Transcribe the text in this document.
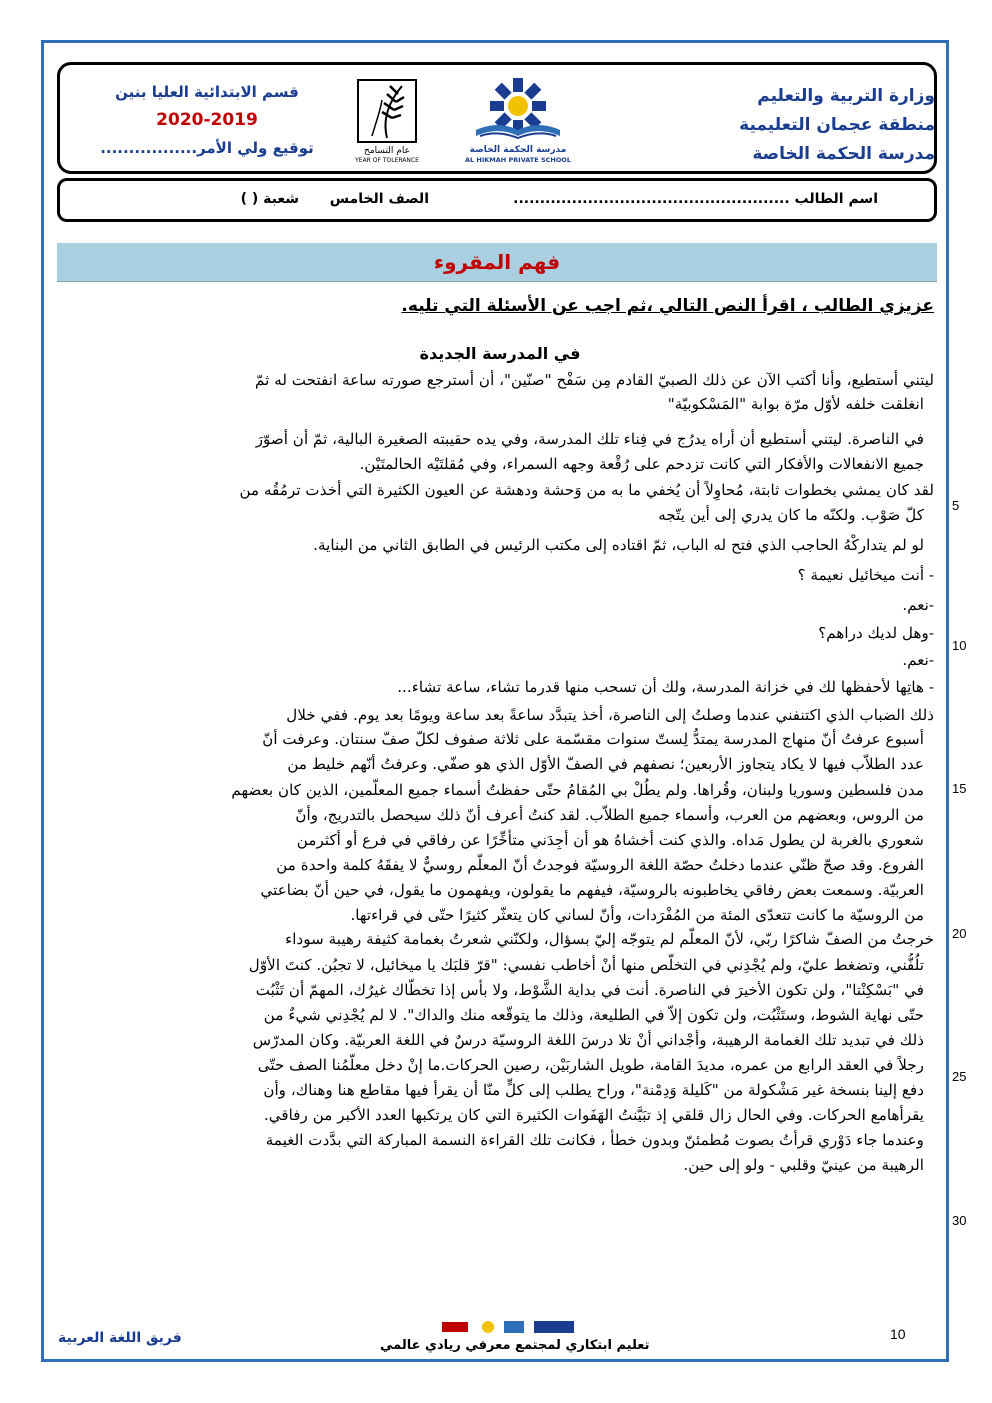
وزارة التربية والتعليم
منطقة عجمان التعليمية
مدرسة الحكمة الخاصة
قسم الابتدائية العليا بنين
2020-2019
توقيع ولي الأمر.................	عام التسامح
YEAR OF TOLERANCE
مدرسة الحكمة الخاصة
AL HIKMAH PRIVATE SCHOOL
اسم الطالب ....................................................
الصف الخامس
شعبة ( )
فهم المقروء
عزيزي الطالب ، اقرأ النص التالي ،ثم اجب عن الأسئلة التي تليه.
في المدرسة الجديدة
ليتني أستطيع، وأنا أكتب الآن عن ذلك الصبيّ القادم مِن سَفْح "صنّين"، أن أسترجع صورته ساعة انفتحت له ثمّ
انغلقت خلفه لأوّل مرّة بوابة "المَسْكوبيّة"
في الناصرة. ليتني أستطيع أن أراه يدرُج في فِناء تلك المدرسة، وفي يده حقيبته الصغيرة البالية، ثمّ أن أصوّرَ
جميع الانفعالات والأفكار التي كانت تزدحم على رُقْعة وجهه السمراء، وفي مُقلتَيْه الحالمتَيْن.
لقد كان يمشي بخطوات ثابتة، مُحاوِلاً أن يُخفي ما به من وَحشة ودهشة عن العيون الكثيرة التي أخذت ترمُقُه من
كلّ صَوْب. ولكنّه ما كان يدري إلى أين يتّجه
لو لم يتداركْهُ الحاجب الذي فتح له الباب، ثمّ اقتاده إلى مكتب الرئيس في الطابق الثاني من البناية.
- أنت ميخائيل نعيمة ؟
-نعم.
-وهل لديك دراهم؟
-نعم.
- هاتِها لأحفظها لك في خزانة المدرسة، ولك أن تسحب منها قدرما تشاء، ساعة تشاء...
ذلك الضباب الذي اكتنفني عندما وصلتُ إلى الناصرة، أخذ يتبدَّد ساعةً بعد ساعة ويومًا بعد يوم. ففي خلال
أسبوع عرفتُ أنّ منهاج المدرسة يمتدُّ لِستّ سنوات مقسّمة على ثلاثة صفوف لكلّ صفّ سنتان. وعرفت أنّ
عدد الطلاّب فيها لا يكاد يتجاوز الأربعين؛ نصفهم في الصفّ الأوّل الذي هو صفّي. وعرفتُ أنّهم خليط من
مدن فلسطين وسوريا ولبنان، وقُراها. ولم يطُلْ بي المُقامُ حتّى حفظتُ أسماء جميع المعلّمين، الذين كان بعضهم
من الروس، وبعضهم من العرب، وأسماء جميع الطلاّب. لقد كنتُ أعرف أنّ ذلك سيحصل بالتدريج، وأنّ
شعوري بالغربة لن يطول مَداه. والذي كنت أخشاهُ هو أن أجِدَني متأخِّرًا عن رفاقي في فرع أو أكثرمن
الفروع. وقد صحّ ظنّي عندما دخلتُ حصّة اللغة الروسيّة فوجدتُ أنّ المعلّم روسيٌّ لا يفقَهُ كلمة واحدة من
العربيّة. وسمعت بعض رفاقي يخاطبونه بالروسيّة، فيفهم ما يقولون، ويفهمون ما يقول، في حين أنّ بضاعتي
من الروسيّة ما كانت تتعدّى المئة من المُفْرَدات، وأنّ لساني كان يتعثّر كثيرًا حتّى في قراءتها.
خرجتُ من الصفّ شاكرًا ربّي، لأنّ المعلّم لم يتوجّه إليّ بسؤال، ولكنّني شعرتُ بغمامة كثيفة رهيبة سوداء
تلُفُّني، وتضغط عليّ، ولم يُجْدِني في التخلُّص منها أنْ أخاطب نفسي: "قرّ قلبَك يا ميخائيل، لا تجبُن. كنتَ الأوّل
في "بَسْكِنْتا"، ولن تكون الأخيرَ في الناصرة. أنت في بداية الشَّوْط، ولا بأس إذا تخطّاك غيرُك، المهمّ أن تَثْبُت
حتّى نهاية الشوط، وستَثْبُت، ولن تكون إلاّ في الطليعة، وذلك ما يتوقّعه منك والداك". لا لم يُجْدِني شيءٌ من
ذلك في تبديد تلك الغمامة الرهيبة، وأجْداني أنْ تلا درسَ اللغة الروسيّة درسٌ في اللغة العربيّة. وكان المدرّس
رجلاً في العقد الرابع من عمره، مديدَ القامة، طويل الشاربَيْن، رصين الحركات.ما إنْ دخل معلّمُنا الصف حتّى
دفع إلينا بنسخة غير مَشْكولة من "كَليلة وَدِمْنة"، وراح يطلب إلى كلٍّ منّا أن يقرأ فيها مقاطع هنا وهناك، وأن
يقرأهامع الحركات. وفي الحال زال قلقي إذ تبَيَّنتُ الهَفَوات الكثيرة التي كان يرتكبها العدد الأكبر من رفاقي.
وعندما جاء دَوْري قرأتُ بصوت مُطمئنّ وبدون خطأ ، فكانت تلك القراءة النسمة المباركة التي بدَّدت الغيمة
الرهيبة من عينيّ وقلبي - ولو إلى حين.
5
10
15
20
25
30
فريق اللغة العربية	تعليم ابتكاري لمجتمع معرفي ريادي عالمي
10
